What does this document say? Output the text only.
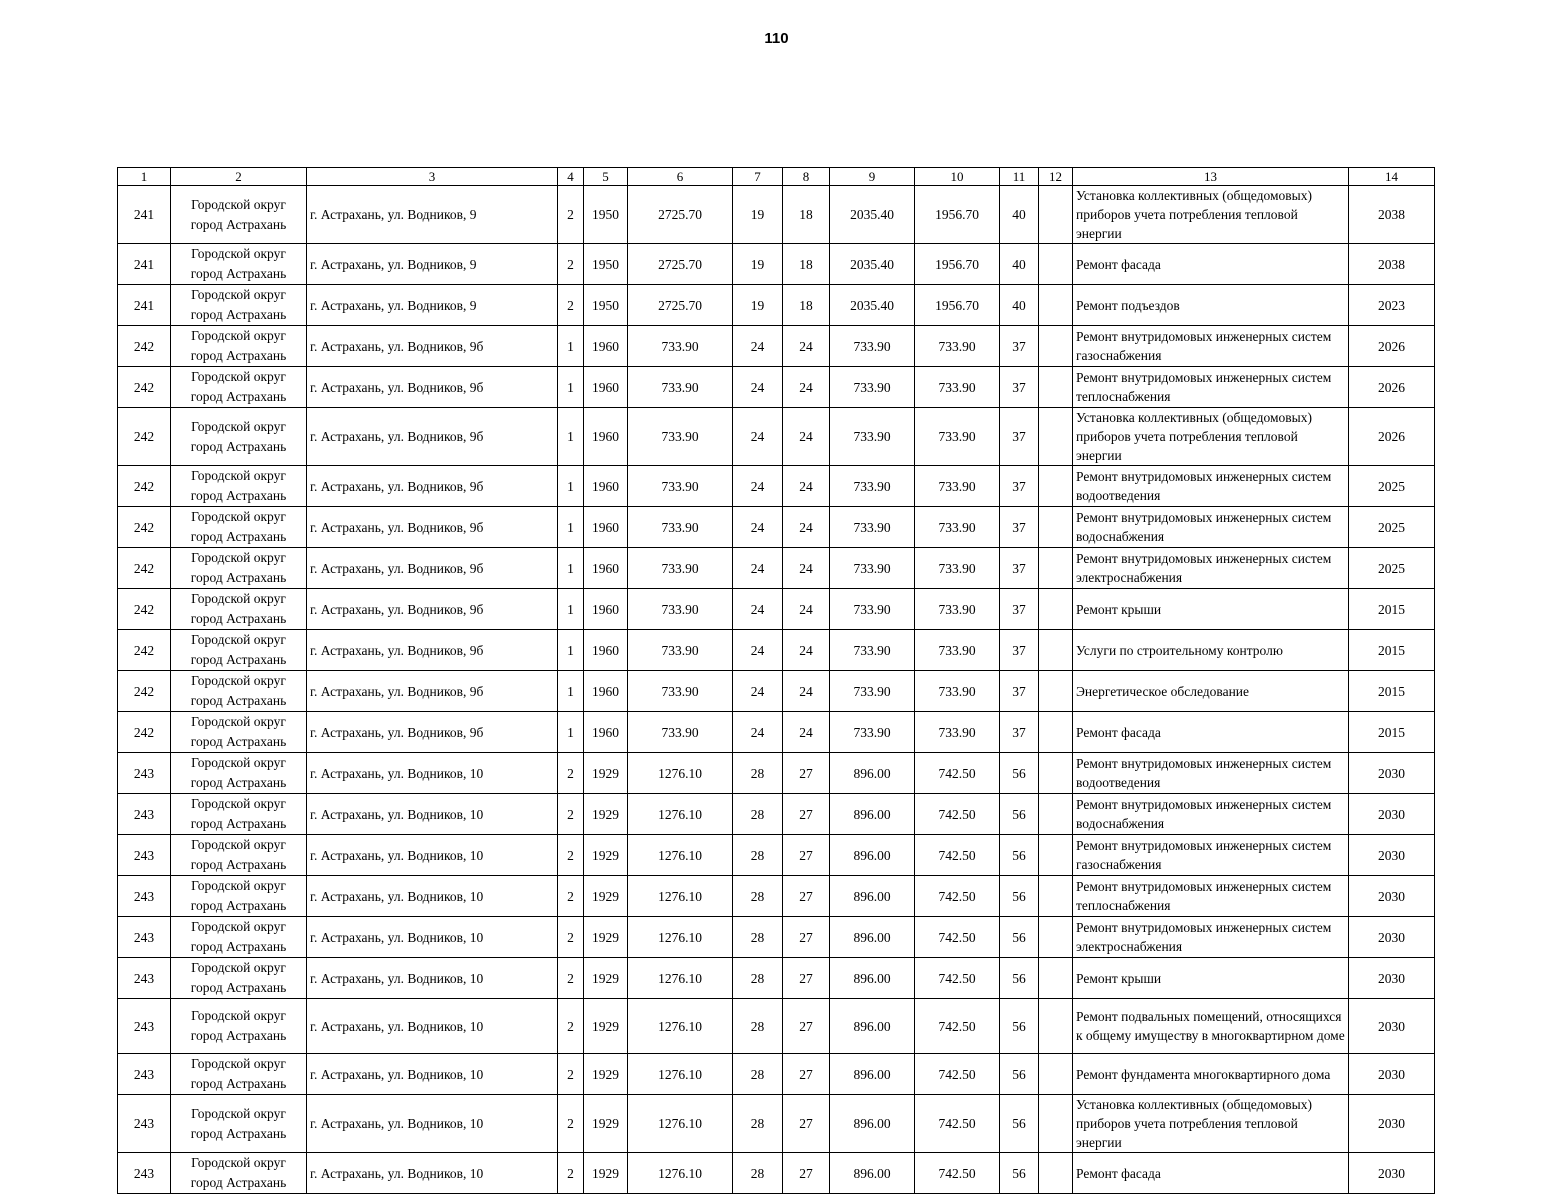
110
1	2	3	4	5	6	7	8	9	10	11	12	13	14
241	Городской округ город Астрахань	г. Астрахань, ул. Водников, 9	2	1950	2725.70	19	18	2035.40	1956.70	40		Установка коллективных (общедомовых) приборов учета потребления тепловой энергии	2038
241	Городской округ город Астрахань	г. Астрахань, ул. Водников, 9	2	1950	2725.70	19	18	2035.40	1956.70	40		Ремонт фасада	2038
241	Городской округ город Астрахань	г. Астрахань, ул. Водников, 9	2	1950	2725.70	19	18	2035.40	1956.70	40		Ремонт подъездов	2023
242	Городской округ город Астрахань	г. Астрахань, ул. Водников, 9б	1	1960	733.90	24	24	733.90	733.90	37		Ремонт внутридомовых инженерных систем газоснабжения	2026
242	Городской округ город Астрахань	г. Астрахань, ул. Водников, 9б	1	1960	733.90	24	24	733.90	733.90	37		Ремонт внутридомовых инженерных систем теплоснабжения	2026
242	Городской округ город Астрахань	г. Астрахань, ул. Водников, 9б	1	1960	733.90	24	24	733.90	733.90	37		Установка коллективных (общедомовых) приборов учета потребления тепловой энергии	2026
242	Городской округ город Астрахань	г. Астрахань, ул. Водников, 9б	1	1960	733.90	24	24	733.90	733.90	37		Ремонт внутридомовых инженерных систем водоотведения	2025
242	Городской округ город Астрахань	г. Астрахань, ул. Водников, 9б	1	1960	733.90	24	24	733.90	733.90	37		Ремонт внутридомовых инженерных систем водоснабжения	2025
242	Городской округ город Астрахань	г. Астрахань, ул. Водников, 9б	1	1960	733.90	24	24	733.90	733.90	37		Ремонт внутридомовых инженерных систем электроснабжения	2025
242	Городской округ город Астрахань	г. Астрахань, ул. Водников, 9б	1	1960	733.90	24	24	733.90	733.90	37		Ремонт крыши	2015
242	Городской округ город Астрахань	г. Астрахань, ул. Водников, 9б	1	1960	733.90	24	24	733.90	733.90	37		Услуги по строительному контролю	2015
242	Городской округ город Астрахань	г. Астрахань, ул. Водников, 9б	1	1960	733.90	24	24	733.90	733.90	37		Энергетическое обследование	2015
242	Городской округ город Астрахань	г. Астрахань, ул. Водников, 9б	1	1960	733.90	24	24	733.90	733.90	37		Ремонт фасада	2015
243	Городской округ город Астрахань	г. Астрахань, ул. Водников, 10	2	1929	1276.10	28	27	896.00	742.50	56		Ремонт внутридомовых инженерных систем водоотведения	2030
243	Городской округ город Астрахань	г. Астрахань, ул. Водников, 10	2	1929	1276.10	28	27	896.00	742.50	56		Ремонт внутридомовых инженерных систем водоснабжения	2030
243	Городской округ город Астрахань	г. Астрахань, ул. Водников, 10	2	1929	1276.10	28	27	896.00	742.50	56		Ремонт внутридомовых инженерных систем газоснабжения	2030
243	Городской округ город Астрахань	г. Астрахань, ул. Водников, 10	2	1929	1276.10	28	27	896.00	742.50	56		Ремонт внутридомовых инженерных систем теплоснабжения	2030
243	Городской округ город Астрахань	г. Астрахань, ул. Водников, 10	2	1929	1276.10	28	27	896.00	742.50	56		Ремонт внутридомовых инженерных систем электроснабжения	2030
243	Городской округ город Астрахань	г. Астрахань, ул. Водников, 10	2	1929	1276.10	28	27	896.00	742.50	56		Ремонт крыши	2030
243	Городской округ город Астрахань	г. Астрахань, ул. Водников, 10	2	1929	1276.10	28	27	896.00	742.50	56		Ремонт подвальных помещений, относящихся к общему имуществу в многоквартирном доме	2030
243	Городской округ город Астрахань	г. Астрахань, ул. Водников, 10	2	1929	1276.10	28	27	896.00	742.50	56		Ремонт фундамента многоквартирного дома	2030
243	Городской округ город Астрахань	г. Астрахань, ул. Водников, 10	2	1929	1276.10	28	27	896.00	742.50	56		Установка коллективных (общедомовых) приборов учета потребления тепловой энергии	2030
243	Городской округ город Астрахань	г. Астрахань, ул. Водников, 10	2	1929	1276.10	28	27	896.00	742.50	56		Ремонт фасада	2030
